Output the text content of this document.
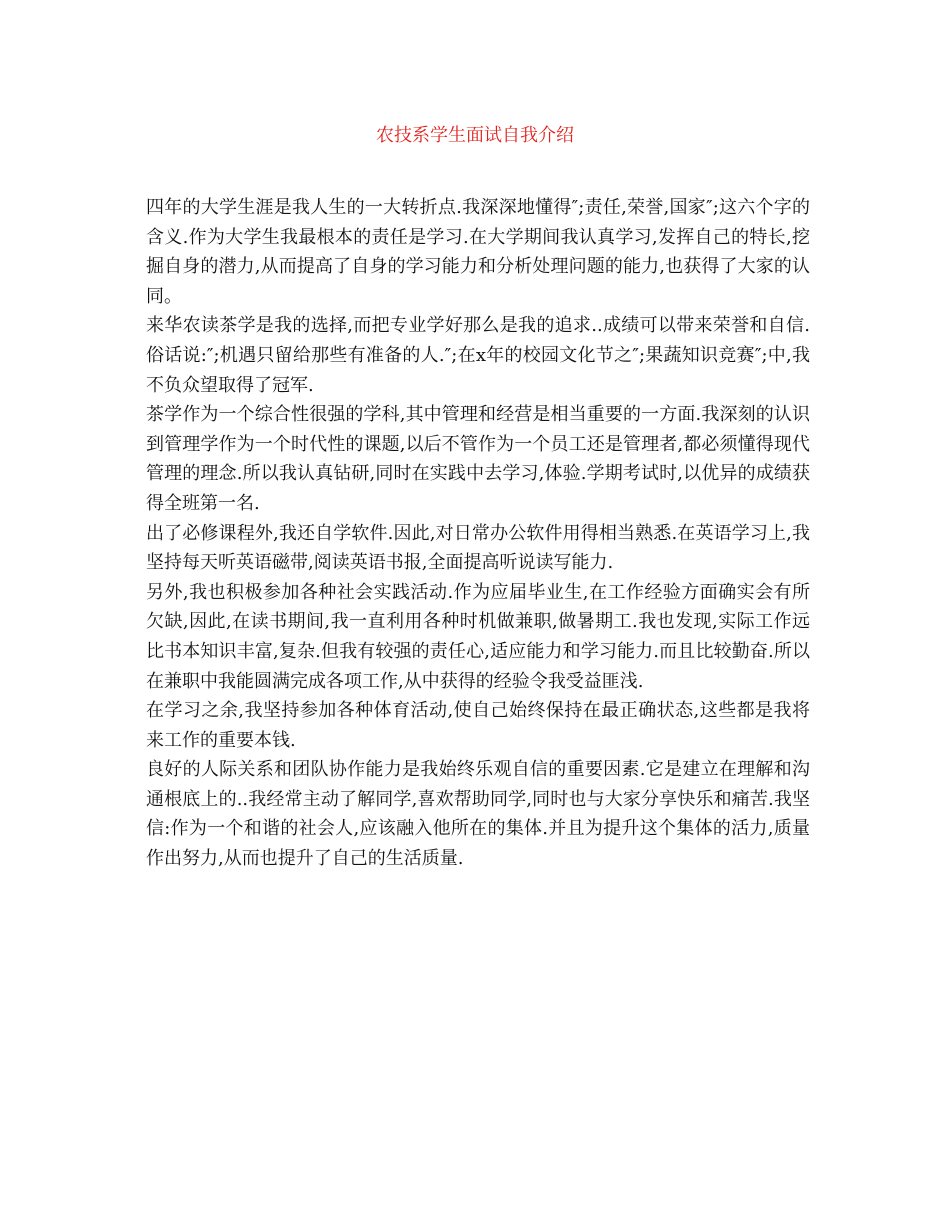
农技系学生面试自我介绍

四年的大学生涯是我人生的一大转折点.我深深地懂得″;责任,荣誉,国家″;这六个字的含义.作为大学生我最根本的责任是学习.在大学期间我认真学习,发挥自己的特长,挖掘自身的潜力,从而提高了自身的学习能力和分析处理问题的能力,也获得了大家的认同。

来华农读茶学是我的选择,而把专业学好那么是我的追求..成绩可以带来荣誉和自信.俗话说:″;机遇只留给那些有准备的人.″;在x年的校园文化节之″;果蔬知识竞赛″;中,我不负众望取得了冠军.

茶学作为一个综合性很强的学科,其中管理和经营是相当重要的一方面.我深刻的认识到管理学作为一个时代性的课题,以后不管作为一个员工还是管理者,都必须懂得现代管理的理念.所以我认真钻研,同时在实践中去学习,体验.学期考试时,以优异的成绩获得全班第一名.

出了必修课程外,我还自学软件.因此,对日常办公软件用得相当熟悉.在英语学习上,我坚持每天听英语磁带,阅读英语书报,全面提高听说读写能力.

另外,我也积极参加各种社会实践活动.作为应届毕业生,在工作经验方面确实会有所欠缺,因此,在读书期间,我一直利用各种时机做兼职,做暑期工.我也发现,实际工作远比书本知识丰富,复杂.但我有较强的责任心,适应能力和学习能力.而且比较勤奋.所以在兼职中我能圆满完成各项工作,从中获得的经验令我受益匪浅.

在学习之余,我坚持参加各种体育活动,使自己始终保持在最正确状态,这些都是我将来工作的重要本钱.

良好的人际关系和团队协作能力是我始终乐观自信的重要因素.它是建立在理解和沟通根底上的..我经常主动了解同学,喜欢帮助同学,同时也与大家分享快乐和痛苦.我坚信:作为一个和谐的社会人,应该融入他所在的集体.并且为提升这个集体的活力,质量作出努力,从而也提升了自己的生活质量.
